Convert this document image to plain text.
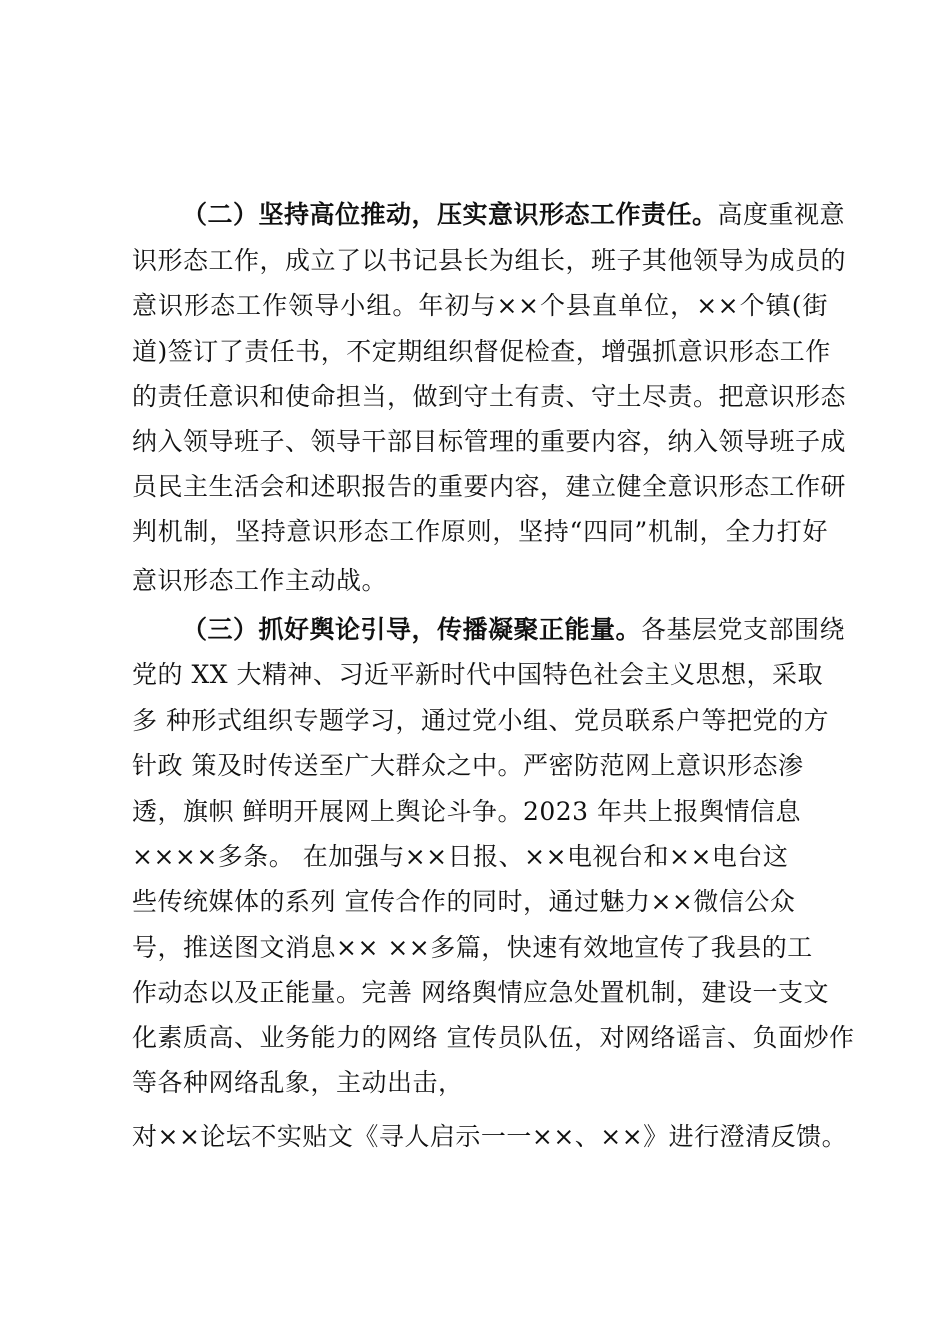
（二）坚持高位推动，压实意识形态工作责任。高度重视意
识形态工作，成立了以书记县长为组长，班子其他领导为成员的
意识形态工作领导小组。年初与××个县直单位，××个镇(街
道)签订了责任书，不定期组织督促检查，增强抓意识形态工作
的责任意识和使命担当，做到守土有责、守土尽责。把意识形态
纳入领导班子、领导干部目标管理的重要内容，纳入领导班子成
员民主生活会和述职报告的重要内容，建立健全意识形态工作研
判机制，坚持意识形态工作原则，坚持“四同”机制，全力打好
意识形态工作主动战。
（三）抓好舆论引导，传播凝聚正能量。各基层党支部围绕
党的 XX 大精神、习近平新时代中国特色社会主义思想，采取
多 种形式组织专题学习，通过党小组、党员联系户等把党的方
针政 策及时传送至广大群众之中。严密防范网上意识形态渗
透，旗帜 鲜明开展网上舆论斗争。2023 年共上报舆情信息
××××多条。 在加强与××日报、××电视台和××电台这
些传统媒体的系列 宣传合作的同时，通过魅力××微信公众
号，推送图文消息×× ××多篇，快速有效地宣传了我县的工
作动态以及正能量。完善 网络舆情应急处置机制，建设一支文
化素质高、业务能力的网络 宣传员队伍，对网络谣言、负面炒作
等各种网络乱象，主动出击，
对××论坛不实贴文《寻人启示一一××、××》进行澄清反馈。
